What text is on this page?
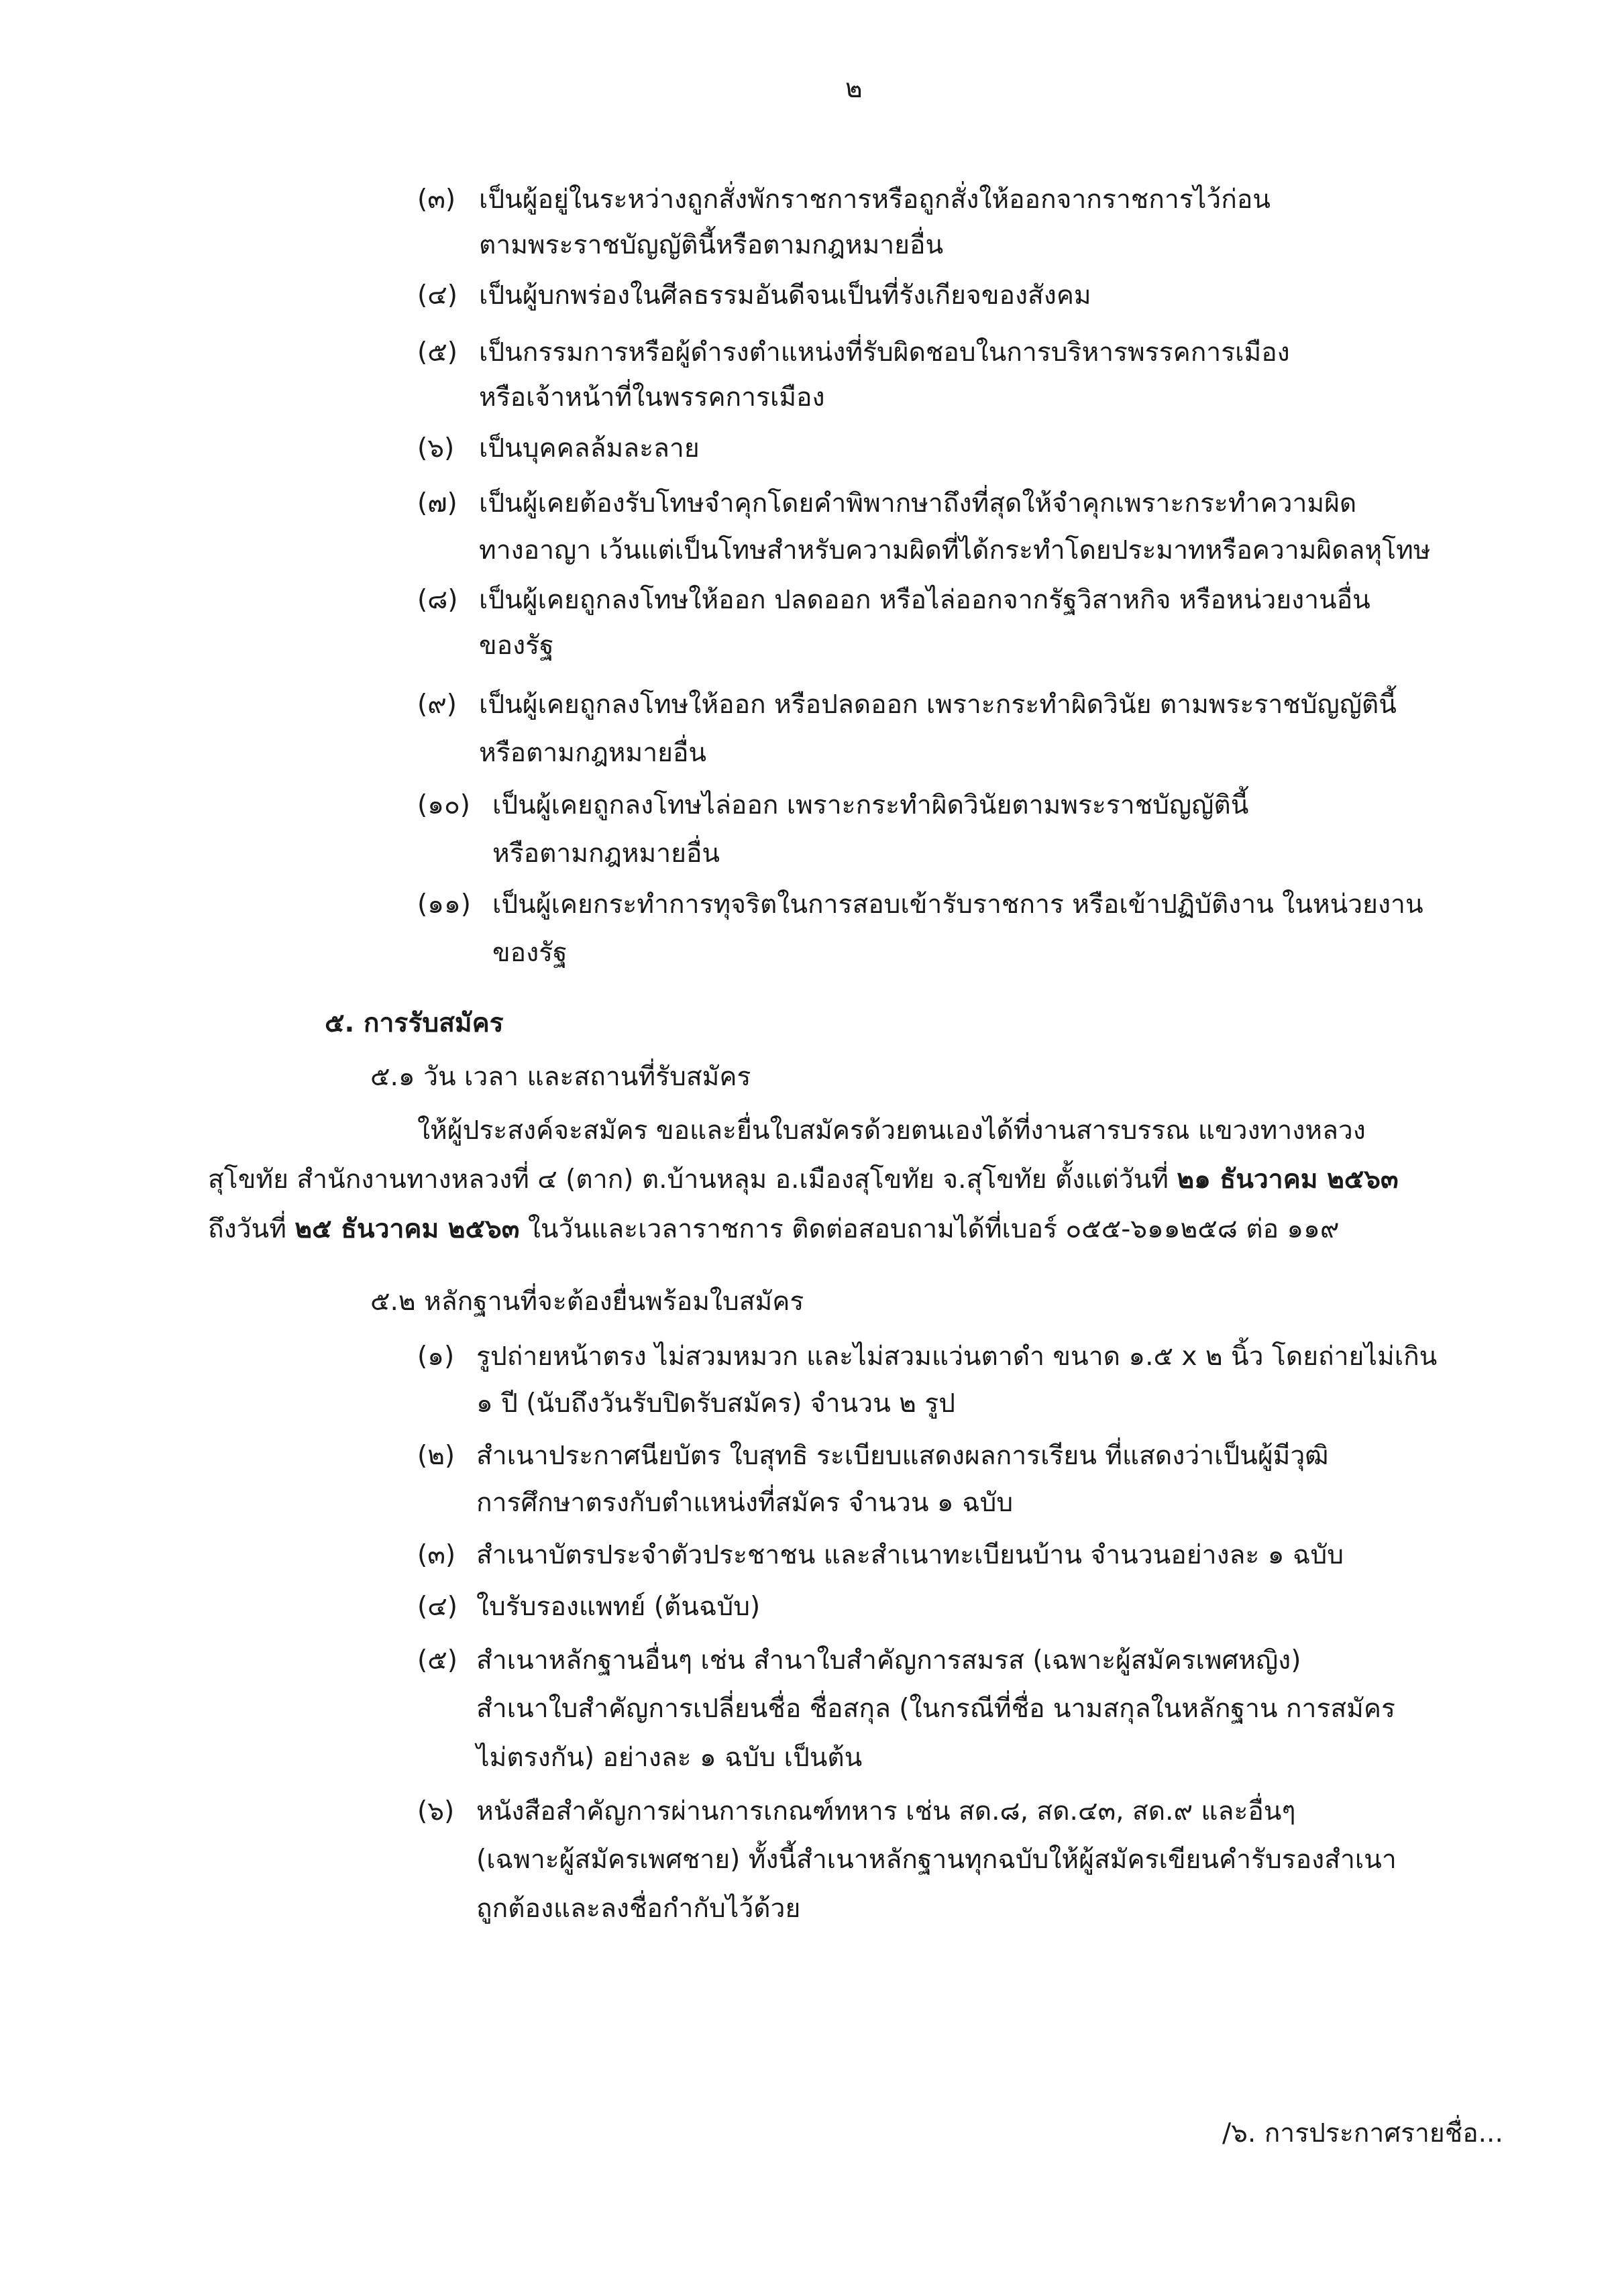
๒
(๓) เป็นผู้อยู่ในระหว่างถูกสั่งพักราชการหรือถูกสั่งให้ออกจากราชการไว้ก่อน
ตามพระราชบัญญัตินี้หรือตามกฎหมายอื่น
(๔) เป็นผู้บกพร่องในศีลธรรมอันดีจนเป็นที่รังเกียจของสังคม
(๕) เป็นกรรมการหรือผู้ดำรงตำแหน่งที่รับผิดชอบในการบริหารพรรคการเมือง
หรือเจ้าหน้าที่ในพรรคการเมือง
(๖) เป็นบุคคลล้มละลาย
(๗) เป็นผู้เคยต้องรับโทษจำคุกโดยคำพิพากษาถึงที่สุดให้จำคุกเพราะกระทำความผิด
ทางอาญา เว้นแต่เป็นโทษสำหรับความผิดที่ได้กระทำโดยประมาทหรือความผิดลหุโทษ
(๘) เป็นผู้เคยถูกลงโทษให้ออก ปลดออก หรือไล่ออกจากรัฐวิสาหกิจ หรือหน่วยงานอื่น
ของรัฐ
(๙) เป็นผู้เคยถูกลงโทษให้ออก หรือปลดออก เพราะกระทำผิดวินัย ตามพระราชบัญญัตินี้
หรือตามกฎหมายอื่น
(๑๐) เป็นผู้เคยถูกลงโทษไล่ออก เพราะกระทำผิดวินัยตามพระราชบัญญัตินี้
หรือตามกฎหมายอื่น
(๑๑) เป็นผู้เคยกระทำการทุจริตในการสอบเข้ารับราชการ หรือเข้าปฏิบัติงาน ในหน่วยงาน
ของรัฐ
๕. การรับสมัคร
๕.๑ วัน เวลา และสถานที่รับสมัคร
ให้ผู้ประสงค์จะสมัคร ขอและยื่นใบสมัครด้วยตนเองได้ที่งานสารบรรณ แขวงทางหลวง
สุโขทัย สำนักงานทางหลวงที่ ๔ (ตาก) ต.บ้านหลุม อ.เมืองสุโขทัย จ.สุโขทัย ตั้งแต่วันที่ ๒๑ ธันวาคม ๒๕๖๓
ถึงวันที่ ๒๕ ธันวาคม ๒๕๖๓ ในวันและเวลาราชการ ติดต่อสอบถามได้ที่เบอร์ ๐๕๕-๖๑๑๒๕๘ ต่อ ๑๑๙
๕.๒ หลักฐานที่จะต้องยื่นพร้อมใบสมัคร
(๑) รูปถ่ายหน้าตรง ไม่สวมหมวก และไม่สวมแว่นตาดำ ขนาด ๑.๕ x ๒ นิ้ว โดยถ่ายไม่เกิน
๑ ปี (นับถึงวันรับปิดรับสมัคร) จำนวน ๒ รูป
(๒) สำเนาประกาศนียบัตร ใบสุทธิ ระเบียบแสดงผลการเรียน ที่แสดงว่าเป็นผู้มีวุฒิ
การศึกษาตรงกับตำแหน่งที่สมัคร จำนวน ๑ ฉบับ
(๓) สำเนาบัตรประจำตัวประชาชน และสำเนาทะเบียนบ้าน จำนวนอย่างละ ๑ ฉบับ
(๔) ใบรับรองแพทย์ (ต้นฉบับ)
(๕) สำเนาหลักฐานอื่นๆ เช่น สำนาใบสำคัญการสมรส (เฉพาะผู้สมัครเพศหญิง)
สำเนาใบสำคัญการเปลี่ยนชื่อ ชื่อสกุล (ในกรณีที่ชื่อ นามสกุลในหลักฐาน การสมัคร
ไม่ตรงกัน) อย่างละ ๑ ฉบับ เป็นต้น
(๖) หนังสือสำคัญการผ่านการเกณฑ์ทหาร เช่น สด.๘, สด.๔๓, สด.๙ และอื่นๆ
(เฉพาะผู้สมัครเพศชาย) ทั้งนี้สำเนาหลักฐานทุกฉบับให้ผู้สมัครเขียนคำรับรองสำเนา
ถูกต้องและลงชื่อกำกับไว้ด้วย
/๖. การประกาศรายชื่อ...
